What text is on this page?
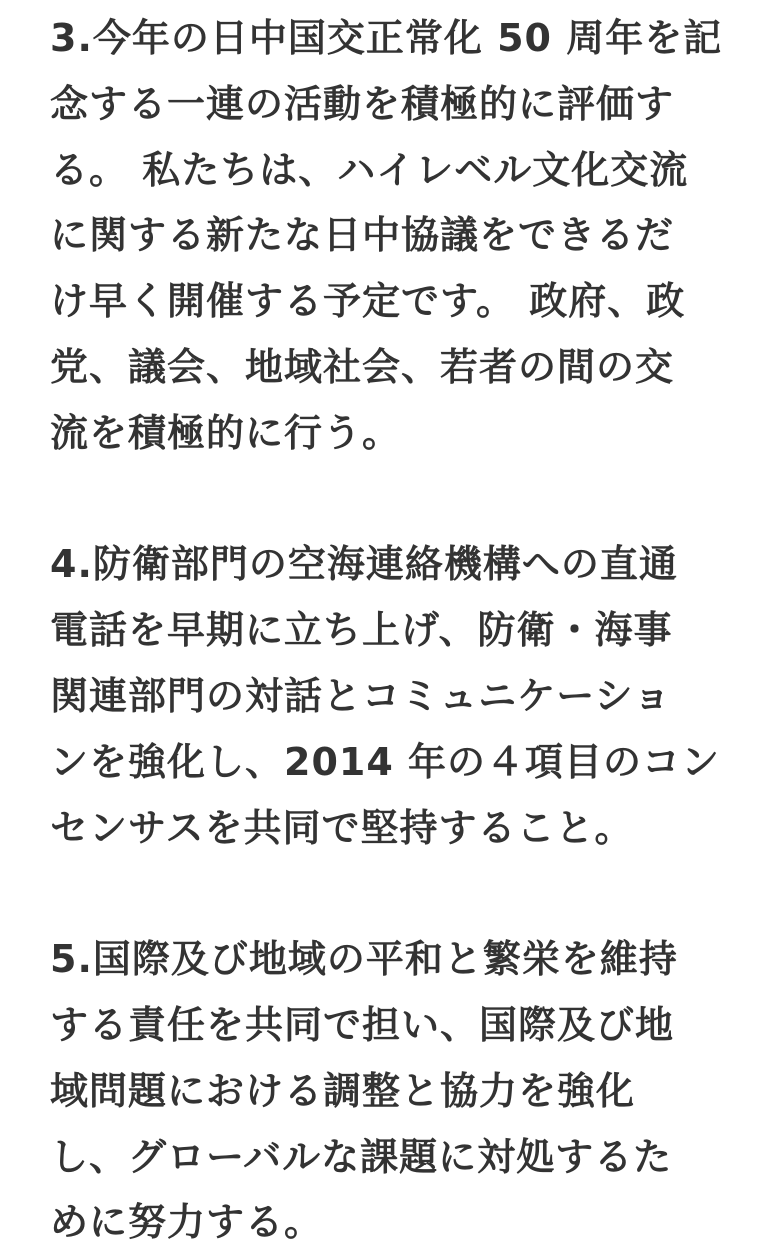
3.今年の日中国交正常化 50 周年を記
念する一連の活動を積極的に評価す
る。 私たちは、ハイレベル文化交流
に関する新たな日中協議をできるだ
け早く開催する予定です。 政府、政
党、議会、地域社会、若者の間の交
流を積極的に行う。
4.防衛部門の空海連絡機構への直通
電話を早期に立ち上げ、防衛・海事
関連部門の対話とコミュニケーショ
ンを強化し、2014 年の４項目のコン
センサスを共同で堅持すること。
5.国際及び地域の平和と繁栄を維持
する責任を共同で担い、国際及び地
域問題における調整と協力を強化
し、グローバルな課題に対処するた
めに努力する。
